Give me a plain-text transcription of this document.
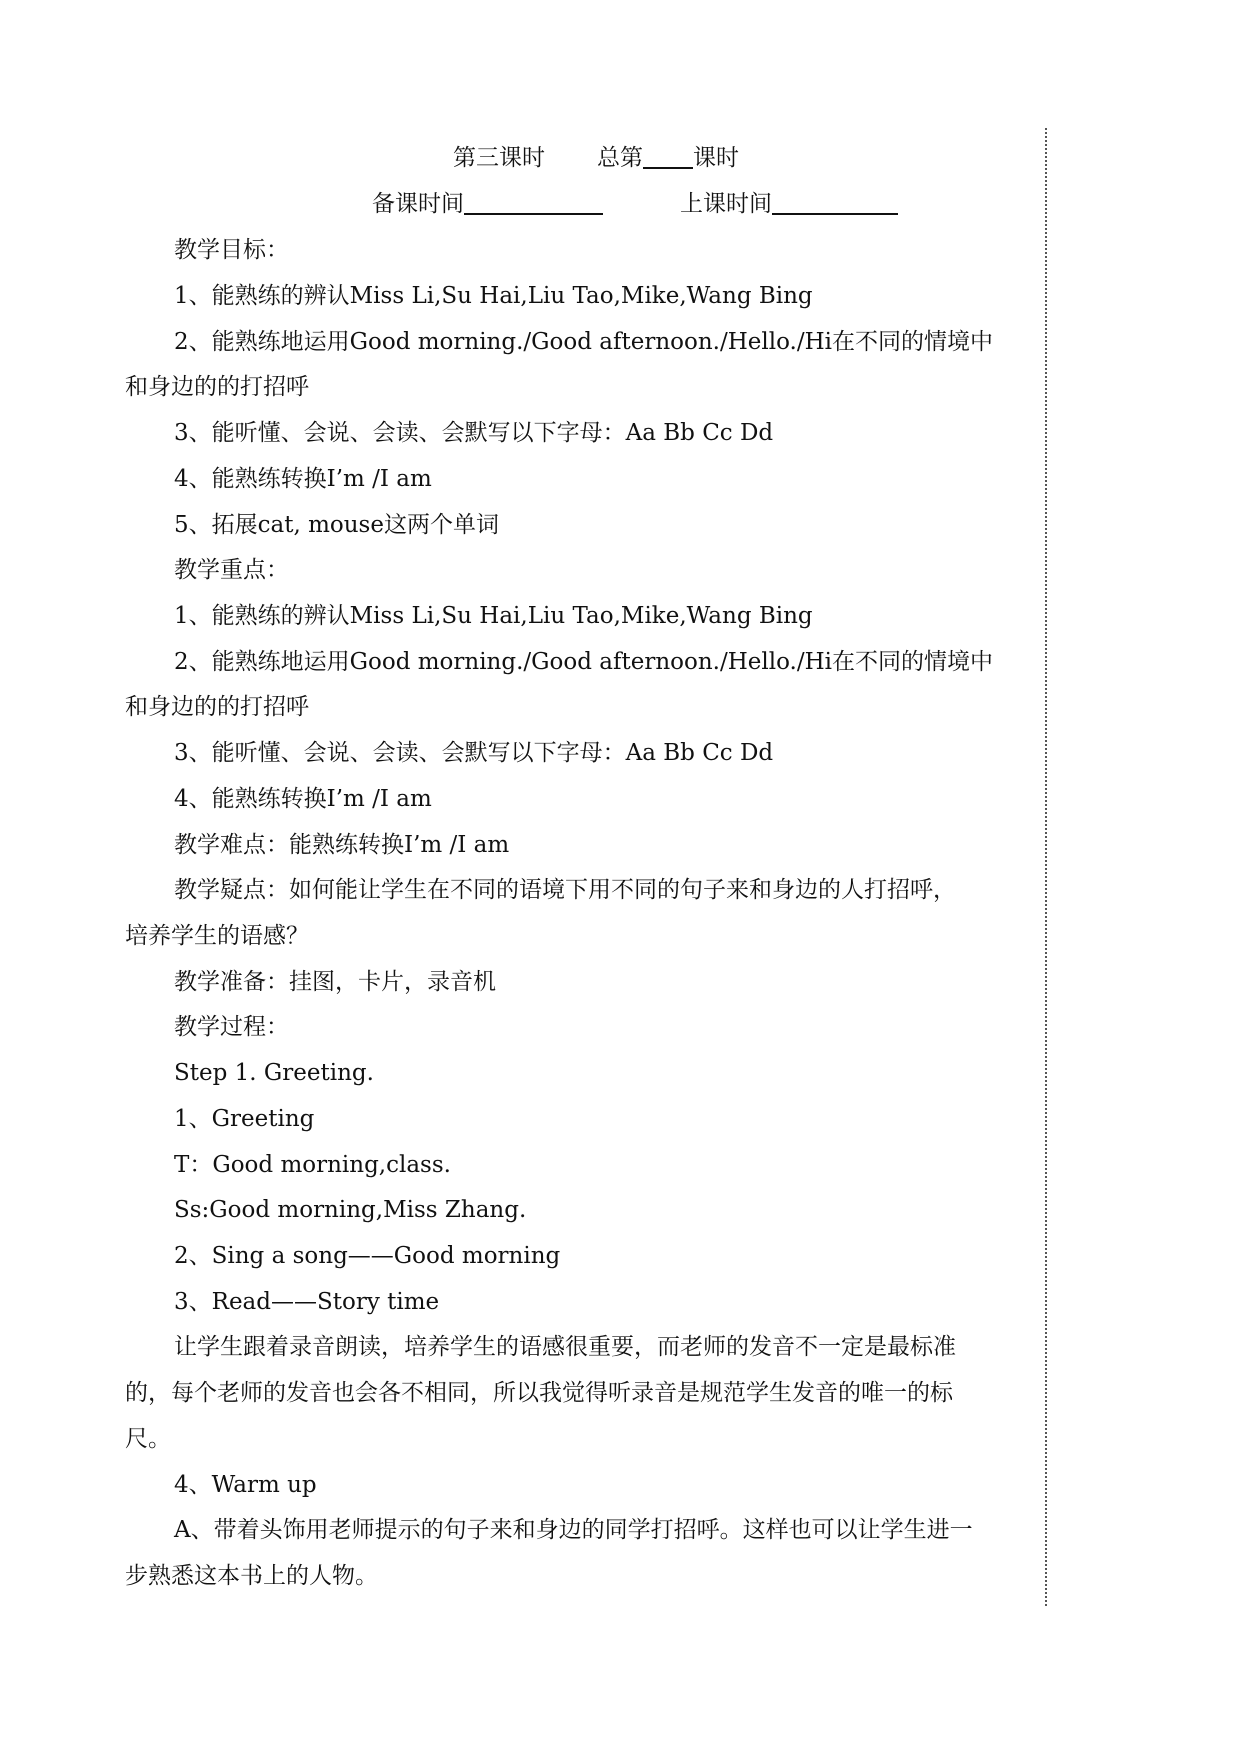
第三课时 总第 课时
备课时间	上课时间
教学目标：
1、能熟练的辨认Miss Li,Su Hai,Liu Tao,Mike,Wang Bing
2、能熟练地运用Good morning./Good afternoon./Hello./Hi在不同的情境中
和身边的的打招呼
3、能听懂、会说、会读、会默写以下字母：Aa Bb Cc Dd
4、能熟练转换I’m /I am
5、拓展cat, mouse这两个单词
教学重点：
1、能熟练的辨认Miss Li,Su Hai,Liu Tao,Mike,Wang Bing
2、能熟练地运用Good morning./Good afternoon./Hello./Hi在不同的情境中
和身边的的打招呼
3、能听懂、会说、会读、会默写以下字母：Aa Bb Cc Dd
4、能熟练转换I’m /I am
教学难点：能熟练转换I’m /I am
教学疑点：如何能让学生在不同的语境下用不同的句子来和身边的人打招呼，
培养学生的语感？
教学准备：挂图，卡片，录音机
教学过程：
Step 1. Greeting.
1、Greeting
T：Good morning,class.
Ss:Good morning,Miss Zhang.
2、Sing a song——Good morning
3、Read——Story time
让学生跟着录音朗读，培养学生的语感很重要，而老师的发音不一定是最标准
的，每个老师的发音也会各不相同，所以我觉得听录音是规范学生发音的唯一的标
尺。
4、Warm up
A、带着头饰用老师提示的句子来和身边的同学打招呼。这样也可以让学生进一
步熟悉这本书上的人物。
